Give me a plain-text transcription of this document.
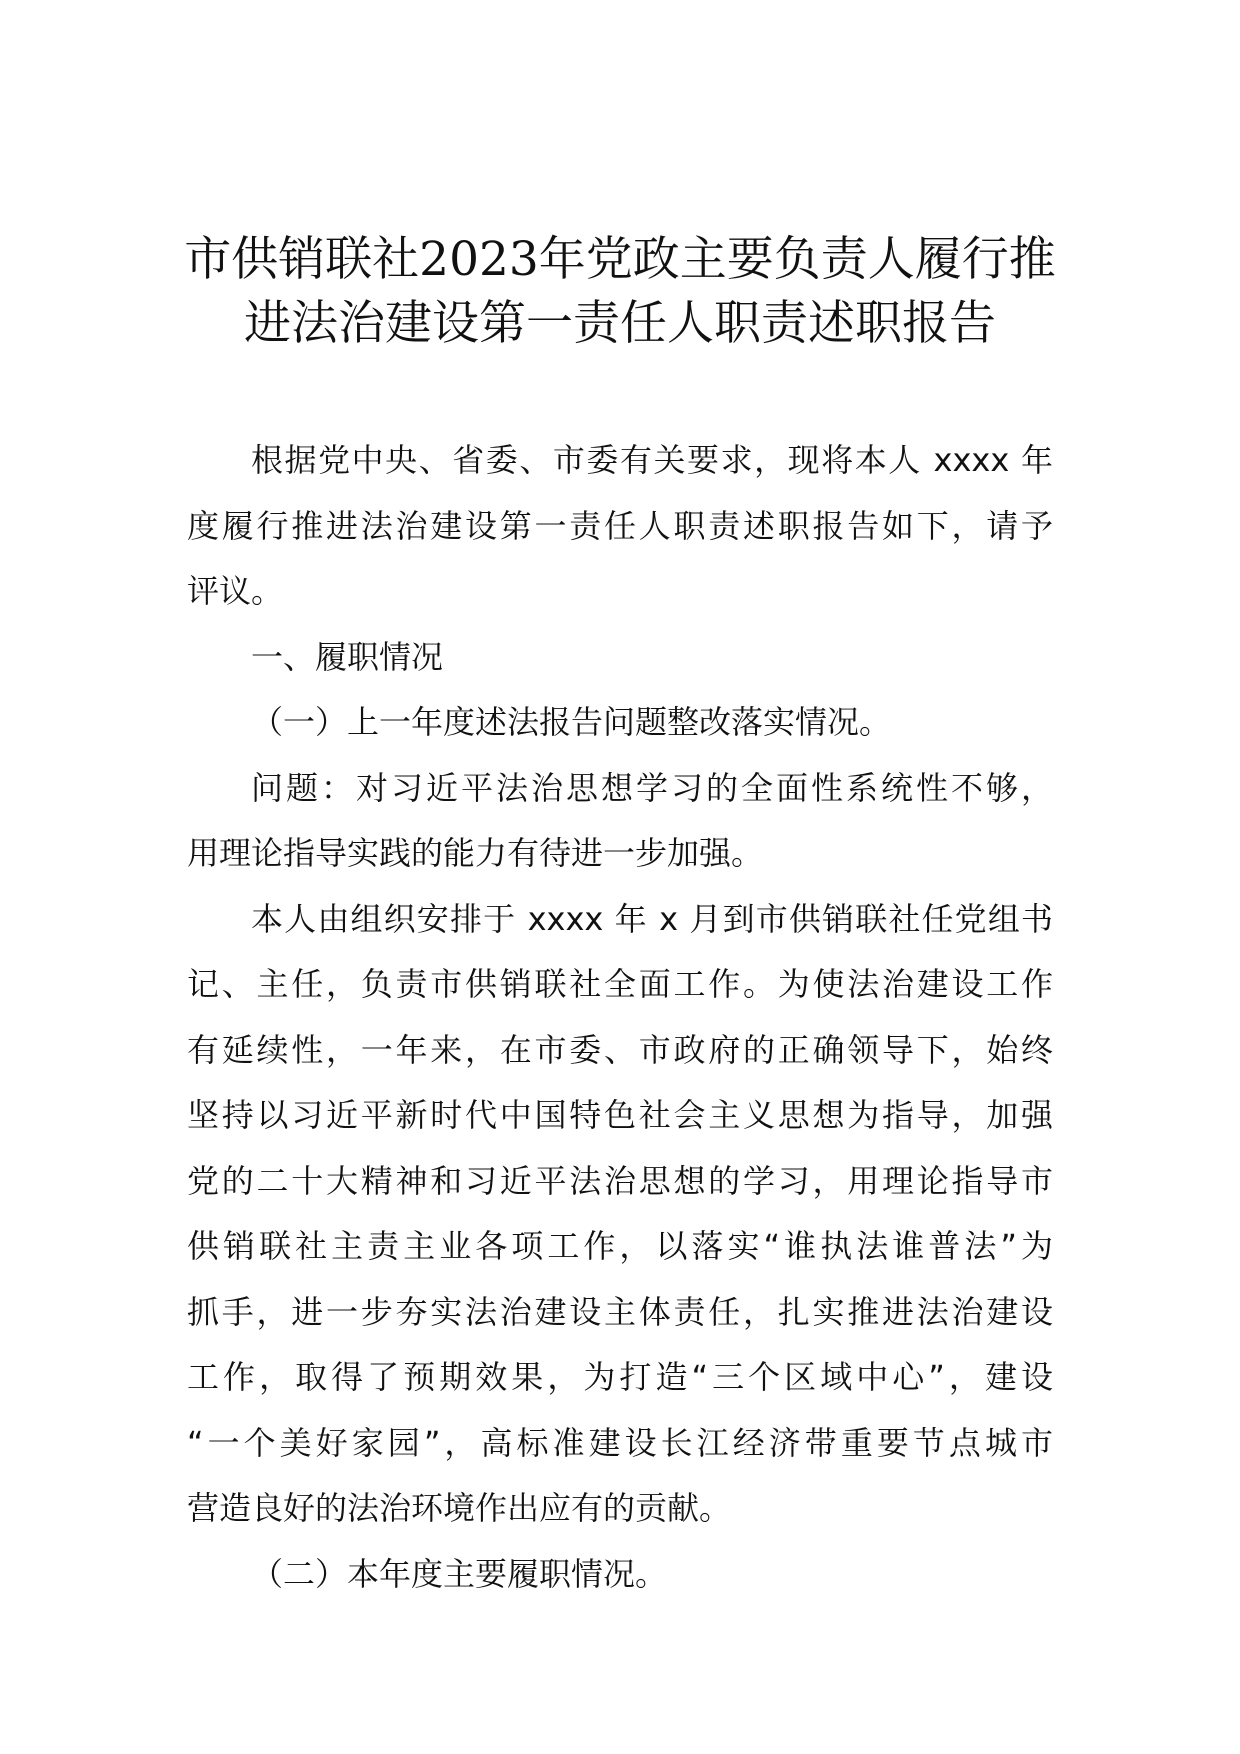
市供销联社2023年党政主要负责人履行推
进法治建设第一责任人职责述职报告

根据党中央、省委、市委有关要求，现将本人 xxxx 年
度履行推进法治建设第一责任人职责述职报告如下，请予
评议。

一、履职情况

（一）上一年度述法报告问题整改落实情况。

问题：对习近平法治思想学习的全面性系统性不够，
用理论指导实践的能力有待进一步加强。

本人由组织安排于 xxxx 年 x 月到市供销联社任党组书
记、主任，负责市供销联社全面工作。为使法治建设工作
有延续性，一年来，在市委、市政府的正确领导下，始终
坚持以习近平新时代中国特色社会主义思想为指导，加强
党的二十大精神和习近平法治思想的学习，用理论指导市
供销联社主责主业各项工作，以落实“谁执法谁普法”为
抓手，进一步夯实法治建设主体责任，扎实推进法治建设
工作，取得了预期效果，为打造“三个区域中心”，建设
“一个美好家园”，高标准建设长江经济带重要节点城市
营造良好的法治环境作出应有的贡献。

（二）本年度主要履职情况。
